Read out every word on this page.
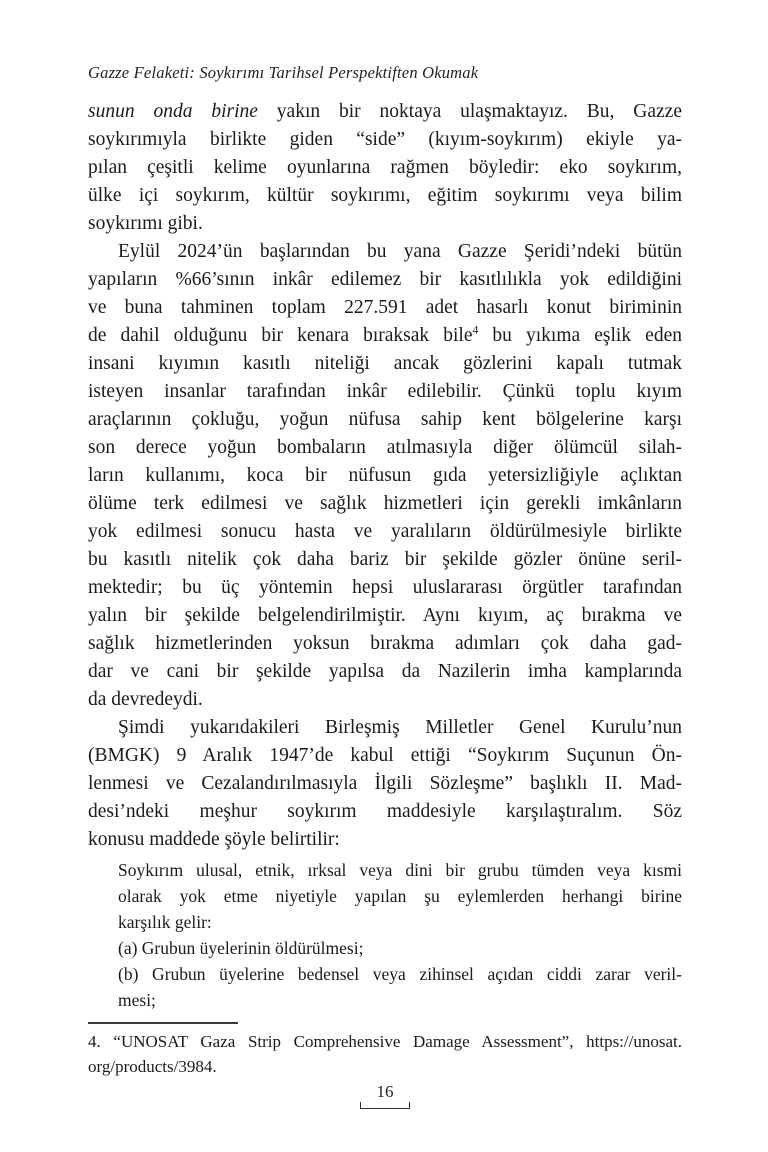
Gazze Felaketi: Soykırımı Tarihsel Perspektiften Okumak
sunun onda birine yakın bir noktaya ulaşmaktayız. Bu, Gazze
soykırımıyla birlikte giden “side” (kıyım-soykırım) ekiyle ya-
pılan çeşitli kelime oyunlarına rağmen böyledir: eko soykırım,
ülke içi soykırım, kültür soykırımı, eğitim soykırımı veya bilim
soykırımı gibi.
Eylül 2024’ün başlarından bu yana Gazze Şeridi’ndeki bütün
yapıların %66’sının inkâr edilemez bir kasıtlılıkla yok edildiğini
ve buna tahminen toplam 227.591 adet hasarlı konut biriminin
de dahil olduğunu bir kenara bıraksak bile$^4$ bu yıkıma eşlik eden
insani kıyımın kasıtlı niteliği ancak gözlerini kapalı tutmak
isteyen insanlar tarafından inkâr edilebilir. Çünkü toplu kıyım
araçlarının çokluğu, yoğun nüfusa sahip kent bölgelerine karşı
son derece yoğun bombaların atılmasıyla diğer ölümcül silah-
ların kullanımı, koca bir nüfusun gıda yetersizliğiyle açlıktan
ölüme terk edilmesi ve sağlık hizmetleri için gerekli imkânların
yok edilmesi sonucu hasta ve yaralıların öldürülmesiyle birlikte
bu kasıtlı nitelik çok daha bariz bir şekilde gözler önüne seril-
mektedir; bu üç yöntemin hepsi uluslararası örgütler tarafından
yalın bir şekilde belgelendirilmiştir. Aynı kıyım, aç bırakma ve
sağlık hizmetlerinden yoksun bırakma adımları çok daha gad-
dar ve cani bir şekilde yapılsa da Nazilerin imha kamplarında
da devredeydi.
Şimdi yukarıdakileri Birleşmiş Milletler Genel Kurulu’nun
(BMGK) 9 Aralık 1947’de kabul ettiği “Soykırım Suçunun Ön-
lenmesi ve Cezalandırılmasıyla İlgili Sözleşme” başlıklı II. Mad-
desi’ndeki meşhur soykırım maddesiyle karşılaştıralım. Söz
konusu maddede şöyle belirtilir:
Soykırım ulusal, etnik, ırksal veya dini bir grubu tümden veya kısmi
olarak yok etme niyetiyle yapılan şu eylemlerden herhangi birine
karşılık gelir:
(a) Grubun üyelerinin öldürülmesi;
(b) Grubun üyelerine bedensel veya zihinsel açıdan ciddi zarar veril-
mesi;
4. “UNOSAT Gaza Strip Comprehensive Damage Assessment”, https://unosat.
org/products/3984.
16
